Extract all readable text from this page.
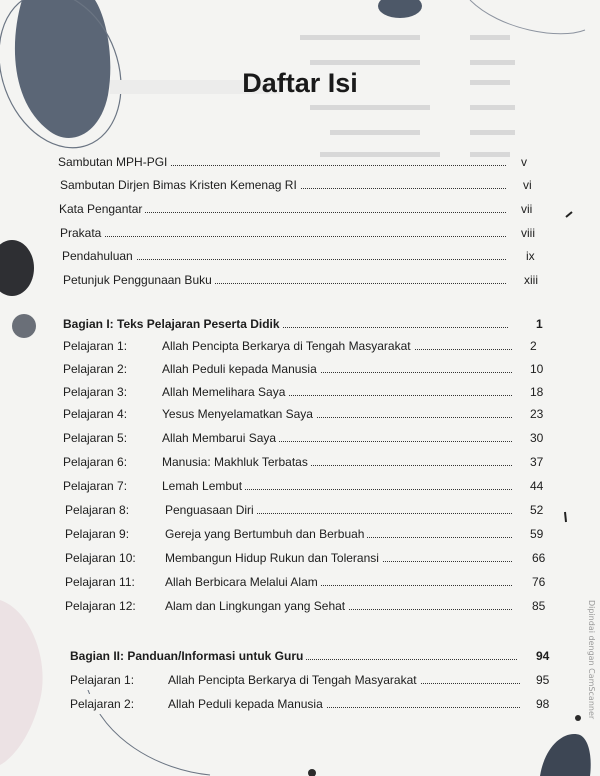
Daftar Isi
Sambutan MPH-PGI	v
Sambutan Dirjen Bimas Kristen Kemenag RI	vi
Kata Pengantar	vii
Prakata	viii
Pendahuluan	ix
Petunjuk Penggunaan Buku	xiii
Bagian I: Teks Pelajaran Peserta Didik	1
Pelajaran 1:	Allah Pencipta Berkarya di Tengah Masyarakat	2
Pelajaran 2:	Allah Peduli kepada Manusia	10
Pelajaran 3:	Allah Memelihara Saya	18
Pelajaran 4:	Yesus Menyelamatkan Saya	23
Pelajaran 5:	Allah Membarui Saya	30
Pelajaran 6:	Manusia: Makhluk Terbatas	37
Pelajaran 7:	Lemah Lembut	44
Pelajaran 8:	Penguasaan Diri	52
Pelajaran 9:	Gereja yang Bertumbuh dan Berbuah	59
Pelajaran 10: Membangun Hidup Rukun dan Toleransi	66
Pelajaran 11:	Allah Berbicara Melalui Alam	76
Pelajaran 12: Alam dan Lingkungan yang Sehat	85
Bagian II: Panduan/Informasi untuk Guru	94
Pelajaran 1:	Allah Pencipta Berkarya di Tengah Masyarakat	95
Pelajaran 2:	Allah Peduli kepada Manusia	98	Dipindai dengan CamScanner
